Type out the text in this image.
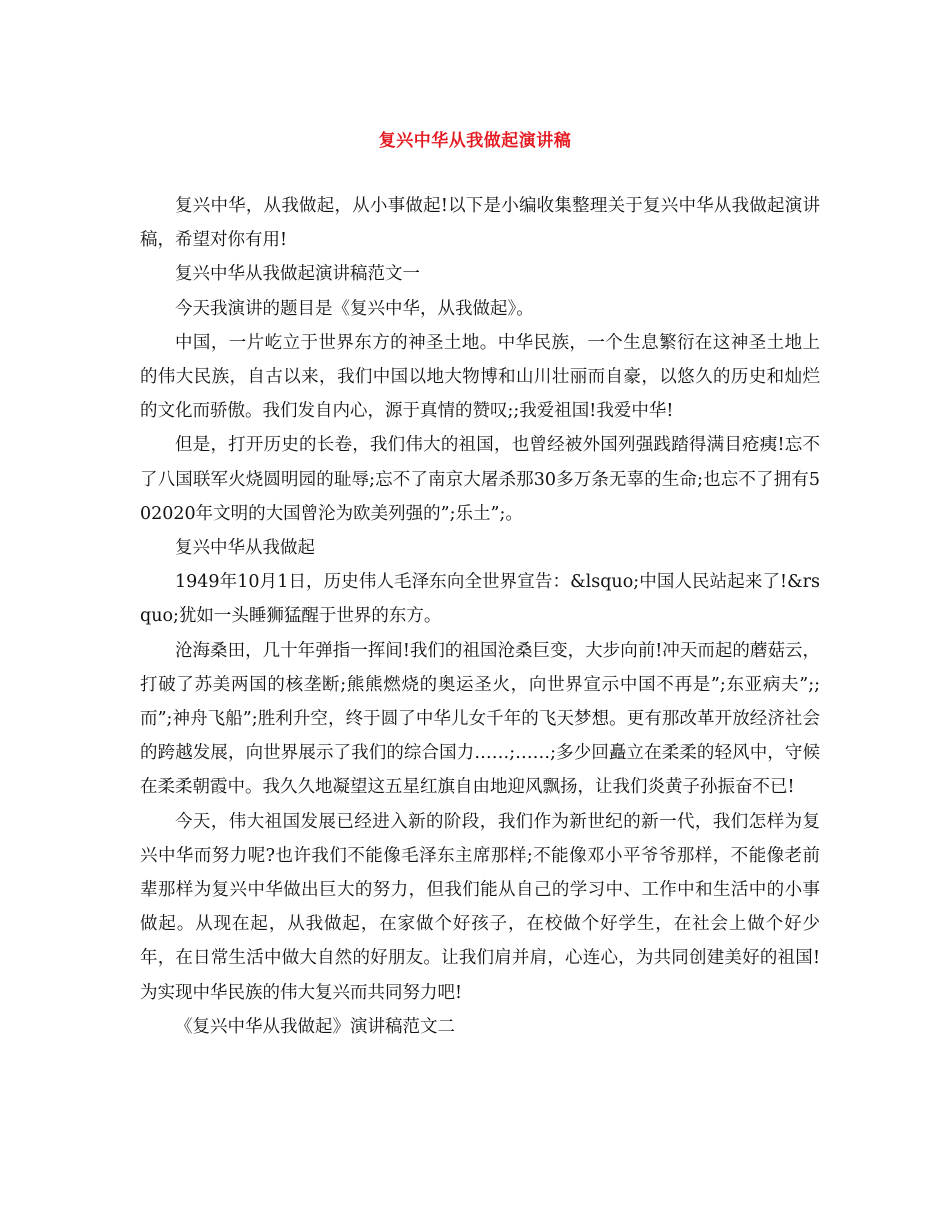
复兴中华从我做起演讲稿

复兴中华，从我做起，从小事做起!以下是小编收集整理关于复兴中华从我做起演讲稿，希望对你有用!

复兴中华从我做起演讲稿范文一

今天我演讲的题目是《复兴中华，从我做起》。

中国，一片屹立于世界东方的神圣土地。中华民族，一个生息繁衍在这神圣土地上的伟大民族，自古以来，我们中国以地大物博和山川壮丽而自豪，以悠久的历史和灿烂的文化而骄傲。我们发自内心，源于真情的赞叹;;我爱祖国!我爱中华!

但是，打开历史的长卷，我们伟大的祖国，也曾经被外国列强践踏得满目疮痍!忘不了八国联军火烧圆明园的耻辱;忘不了南京大屠杀那30多万条无辜的生命;也忘不了拥有502020年文明的大国曾沦为欧美列强的”;乐土”;。

复兴中华从我做起

1949年10月1日，历史伟人毛泽东向全世界宣告：&lsquo;中国人民站起来了!&rsquo;犹如一头睡狮猛醒于世界的东方。

沧海桑田，几十年弹指一挥间!我们的祖国沧桑巨变，大步向前!冲天而起的蘑菇云，打破了苏美两国的核垄断;熊熊燃烧的奥运圣火，向世界宣示中国不再是”;东亚病夫”;;而”;神舟飞船”;胜利升空，终于圆了中华儿女千年的飞天梦想。更有那改革开放经济社会的跨越发展，向世界展示了我们的综合国力……;……;多少回矗立在柔柔的轻风中，守候在柔柔朝霞中。我久久地凝望这五星红旗自由地迎风飘扬，让我们炎黄子孙振奋不已!

今天，伟大祖国发展已经进入新的阶段，我们作为新世纪的新一代，我们怎样为复兴中华而努力呢?也许我们不能像毛泽东主席那样;不能像邓小平爷爷那样，不能像老前辈那样为复兴中华做出巨大的努力，但我们能从自己的学习中、工作中和生活中的小事做起。从现在起，从我做起，在家做个好孩子，在校做个好学生，在社会上做个好少年，在日常生活中做大自然的好朋友。让我们肩并肩，心连心，为共同创建美好的祖国!为实现中华民族的伟大复兴而共同努力吧!

《复兴中华从我做起》演讲稿范文二
